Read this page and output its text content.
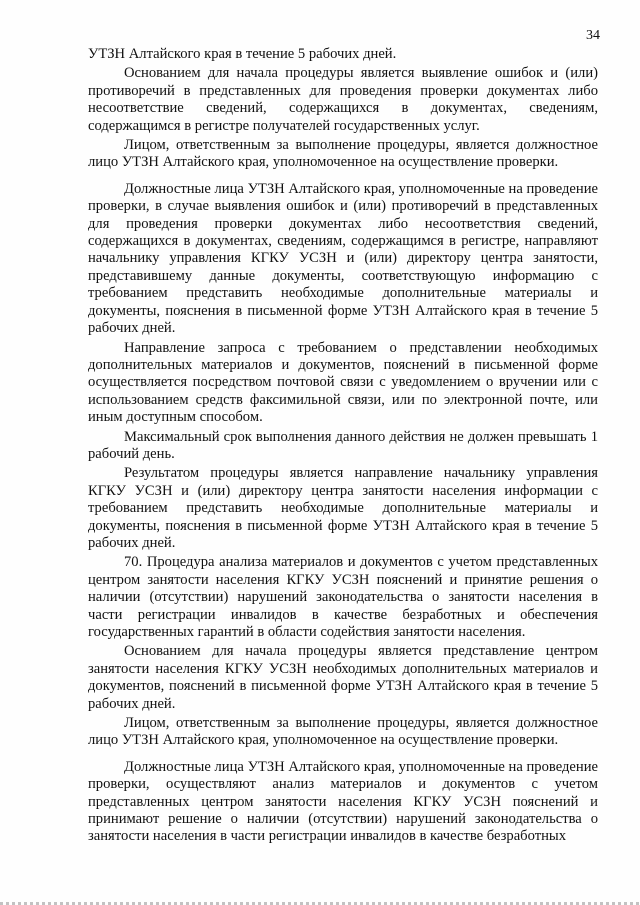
34

УТЗН Алтайского края в течение 5 рабочих дней.

Основанием для начала процедуры является выявление ошибок и (или) противоречий в представленных для проведения проверки документах либо несоответствие сведений, содержащихся в документах, сведениям, содержащимся в регистре получателей государственных услуг.

Лицом, ответственным за выполнение процедуры, является должностное лицо УТЗН Алтайского края, уполномоченное на осуществление проверки.

Должностные лица УТЗН Алтайского края, уполномоченные на проведение проверки, в случае выявления ошибок и (или) противоречий в представленных для проведения проверки документах либо несоответствия сведений, содержащихся в документах, сведениям, содержащимся в регистре, направляют начальнику управления КГКУ УСЗН и (или) директору центра занятости, представившему данные документы, соответствующую информацию с требованием представить необходимые дополнительные материалы и документы, пояснения в письменной форме УТЗН Алтайского края в течение 5 рабочих дней.

Направление запроса с требованием о представлении необходимых дополнительных материалов и документов, пояснений в письменной форме осуществляется посредством почтовой связи с уведомлением о вручении или с использованием средств факсимильной связи, или по электронной почте, или иным доступным способом.

Максимальный срок выполнения данного действия не должен превышать 1 рабочий день.

Результатом процедуры является направление начальнику управления КГКУ УСЗН и (или) директору центра занятости населения информации с требованием представить необходимые дополнительные материалы и документы, пояснения в письменной форме УТЗН Алтайского края в течение 5 рабочих дней.

70. Процедура анализа материалов и документов с учетом представленных центром занятости населения КГКУ УСЗН пояснений и принятие решения о наличии (отсутствии) нарушений законодательства о занятости населения в части регистрации инвалидов в качестве безработных и обеспечения государственных гарантий в области содействия занятости населения.

Основанием для начала процедуры является представление центром занятости населения КГКУ УСЗН необходимых дополнительных материалов и документов, пояснений в письменной форме УТЗН Алтайского края в течение 5 рабочих дней.

Лицом, ответственным за выполнение процедуры, является должностное лицо УТЗН Алтайского края, уполномоченное на осуществление проверки.

Должностные лица УТЗН Алтайского края, уполномоченные на проведение проверки, осуществляют анализ материалов и документов с учетом представленных центром занятости населения КГКУ УСЗН пояснений и принимают решение о наличии (отсутствии) нарушений законодательства о занятости населения в части регистрации инвалидов в качестве безработных
